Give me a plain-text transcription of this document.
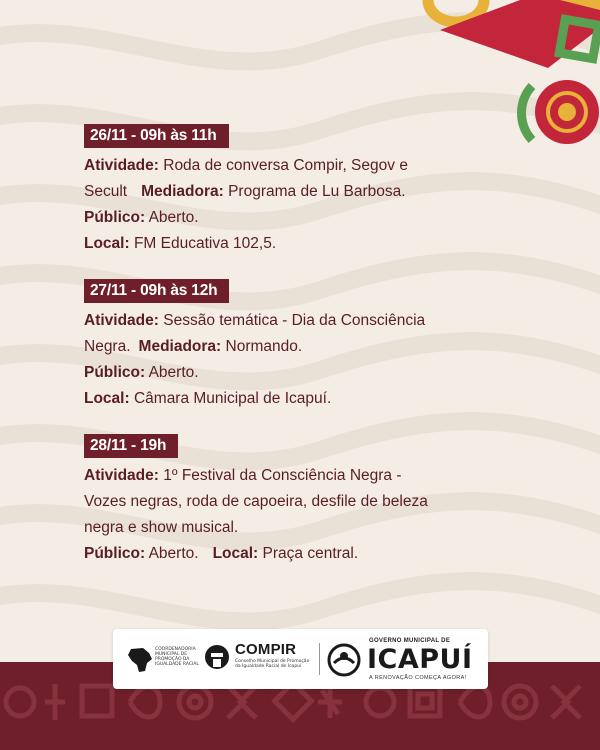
26/11 - 09h às 11h
Atividade: Roda de conversa Compir, Segov e
Secult Mediadora: Programa de Lu Barbosa.
Público: Aberto.
Local: FM Educativa 102,5.
27/11 - 09h às 12h
Atividade: Sessão temática - Dia da Consciência
Negra. Mediadora: Normando.
Público: Aberto.
Local: Câmara Municipal de Icapuí.
28/11 - 19h
Atividade: 1º Festival da Consciência Negra -
Vozes negras, roda de capoeira, desfile de beleza
negra e show musical.
Público: Aberto. Local: Praça central.
COORDENADORIA MUNICIPAL DE PROMOÇÃO DA IGUALDADE RACIAL
COMPIR
Conselho Municipal de Promoção da Igualdade Racial de Icapuí
GOVERNO MUNICIPAL DE
ICAPUÍ
A RENOVAÇÃO COMEÇA AGORA!
